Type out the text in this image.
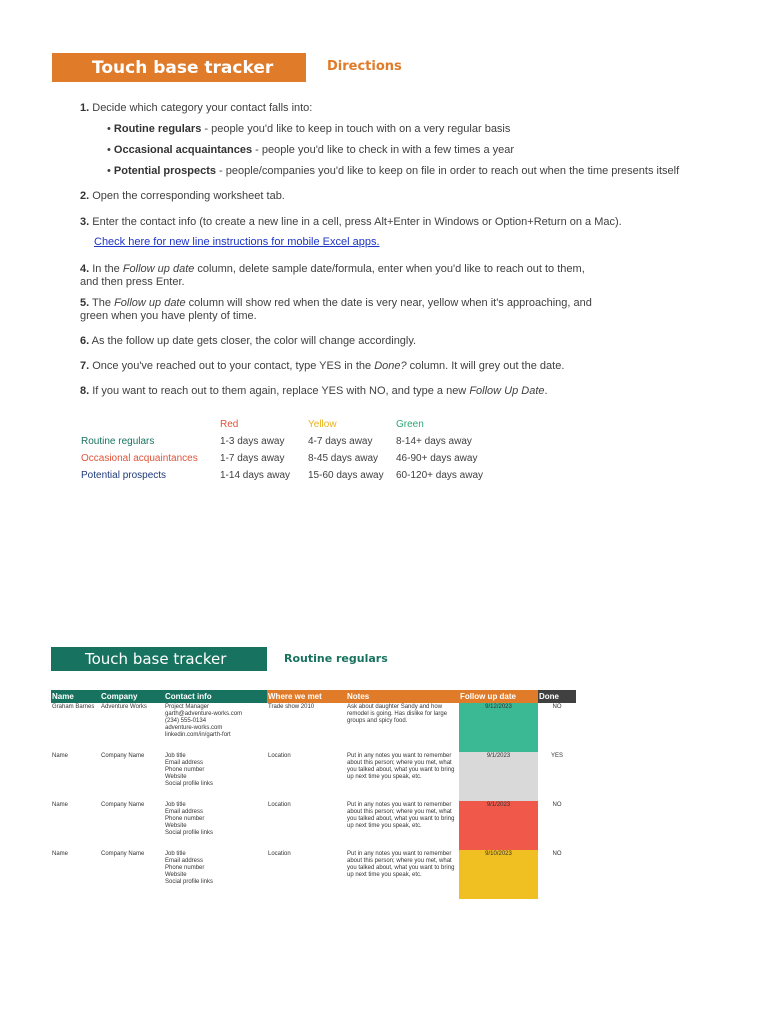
Touch base tracker	Directions
1. Decide which category your contact falls into:
• Routine regulars - people you'd like to keep in touch with on a very regular basis
• Occasional acquaintances - people you'd like to check in with a few times a year
• Potential prospects - people/companies you'd like to keep on file in order to reach out when the time presents itself
2. Open the corresponding worksheet tab.
3. Enter the contact info (to create a new line in a cell, press Alt+Enter in Windows or Option+Return on a Mac).
Check here for new line instructions for mobile Excel apps.
4. In the Follow up date column, delete sample date/formula, enter when you'd like to reach out to them,
and then press Enter.
5. The Follow up date column will show red when the date is very near, yellow when it's approaching, and
green when you have plenty of time.
6. As the follow up date gets closer, the color will change accordingly.
7. Once you've reached out to your contact, type YES in the Done? column. It will grey out the date.
8. If you want to reach out to them again, replace YES with NO, and type a new Follow Up Date.
	Red	Yellow	Green
Routine regulars	1-3 days away	4-7 days away	8-14+ days away
Occasional acquaintances	1-7 days away	8-45 days away	46-90+ days away
Potential prospects	1-14 days away	15-60 days away	60-120+ days away
Touch base tracker	Routine regulars
Name	Company	Contact info	Where we met	Notes	Follow up date	Done
Graham Barnes	Adventure Works	Project Manager
garth@adventure-works.com
(234) 555-0134
adventure-works.com
linkedin.com/in/garth-fort	Trade show 2010	Ask about daughter Sandy and how remodel is going. Has dislike for large groups and spicy food.	9/12/2023	NO
Name	Company Name	Job title
Email address
Phone number
Website
Social profile links	Location	Put in any notes you want to remember about this person; where you met, what you talked about, what you want to bring up next time you speak, etc.	9/1/2023	YES
Name	Company Name	Job title
Email address
Phone number
Website
Social profile links	Location	Put in any notes you want to remember about this person; where you met, what you talked about, what you want to bring up next time you speak, etc.	9/1/2023	NO
Name	Company Name	Job title
Email address
Phone number
Website
Social profile links	Location	Put in any notes you want to remember about this person; where you met, what you talked about, what you want to bring up next time you speak, etc.	9/10/2023	NO
